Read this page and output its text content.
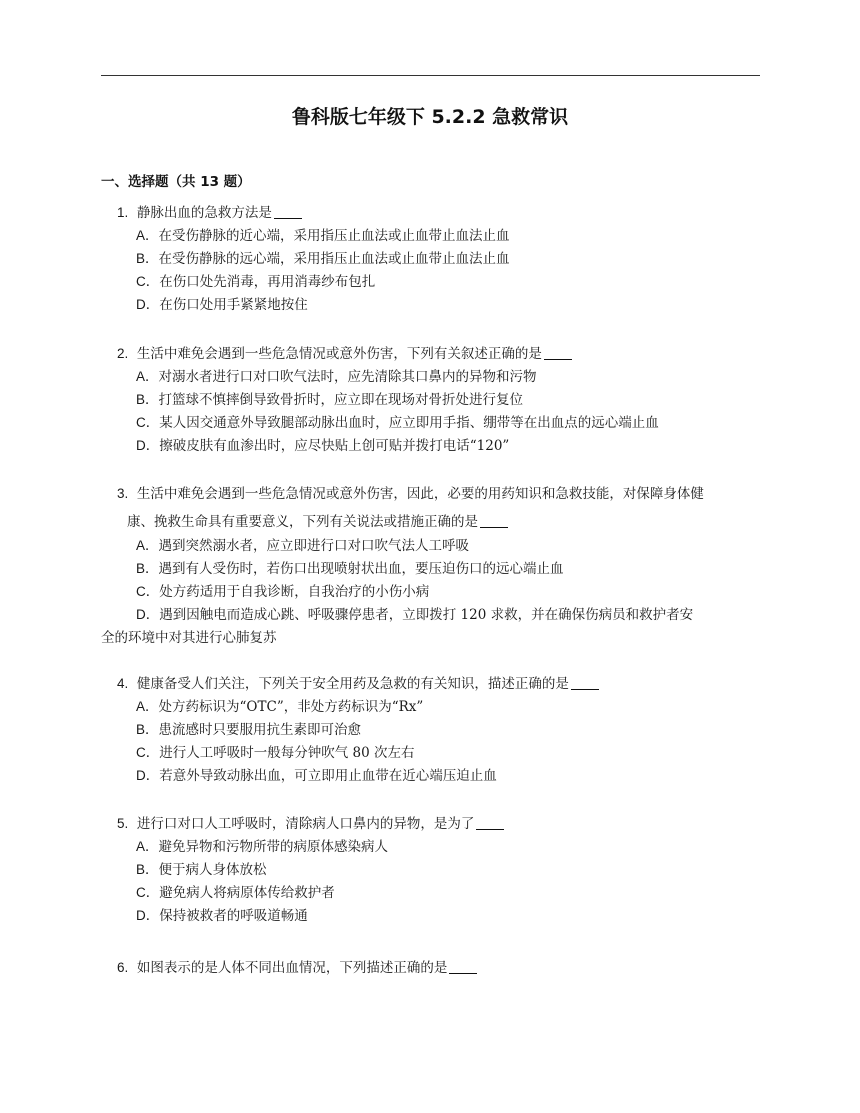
鲁科版七年级下 5.2.2 急救常识
一、选择题（共 13 题）
1. 静脉出血的急救方法是
A．在受伤静脉的近心端，采用指压止血法或止血带止血法止血
B．在受伤静脉的远心端，采用指压止血法或止血带止血法止血
C．在伤口处先消毒，再用消毒纱布包扎
D．在伤口处用手紧紧地按住
2. 生活中难免会遇到一些危急情况或意外伤害，下列有关叙述正确的是
A．对溺水者进行口对口吹气法时，应先清除其口鼻内的异物和污物
B．打篮球不慎摔倒导致骨折时，应立即在现场对骨折处进行复位
C．某人因交通意外导致腿部动脉出血时，应立即用手指、绷带等在出血点的远心端止血
D．擦破皮肤有血渗出时，应尽快贴上创可贴并拨打电话“120”
3. 生活中难免会遇到一些危急情况或意外伤害，因此，必要的用药知识和急救技能，对保障身体健
康、挽救生命具有重要意义，下列有关说法或措施正确的是
A．遇到突然溺水者，应立即进行口对口吹气法人工呼吸
B．遇到有人受伤时，若伤口出现喷射状出血，要压迫伤口的远心端止血
C．处方药适用于自我诊断，自我治疗的小伤小病
D．遇到因触电而造成心跳、呼吸骤停患者，立即拨打 120 求救，并在确保伤病员和救护者安
全的环境中对其进行心肺复苏
4. 健康备受人们关注，下列关于安全用药及急救的有关知识，描述正确的是
A．处方药标识为“OTC”，非处方药标识为“Rx”
B．患流感时只要服用抗生素即可治愈
C．进行人工呼吸时一般每分钟吹气 80 次左右
D．若意外导致动脉出血，可立即用止血带在近心端压迫止血
5. 进行口对口人工呼吸时，清除病人口鼻内的异物，是为了
A．避免异物和污物所带的病原体感染病人
B．便于病人身体放松
C．避免病人将病原体传给救护者
D．保持被救者的呼吸道畅通
6. 如图表示的是人体不同出血情况，下列描述正确的是
